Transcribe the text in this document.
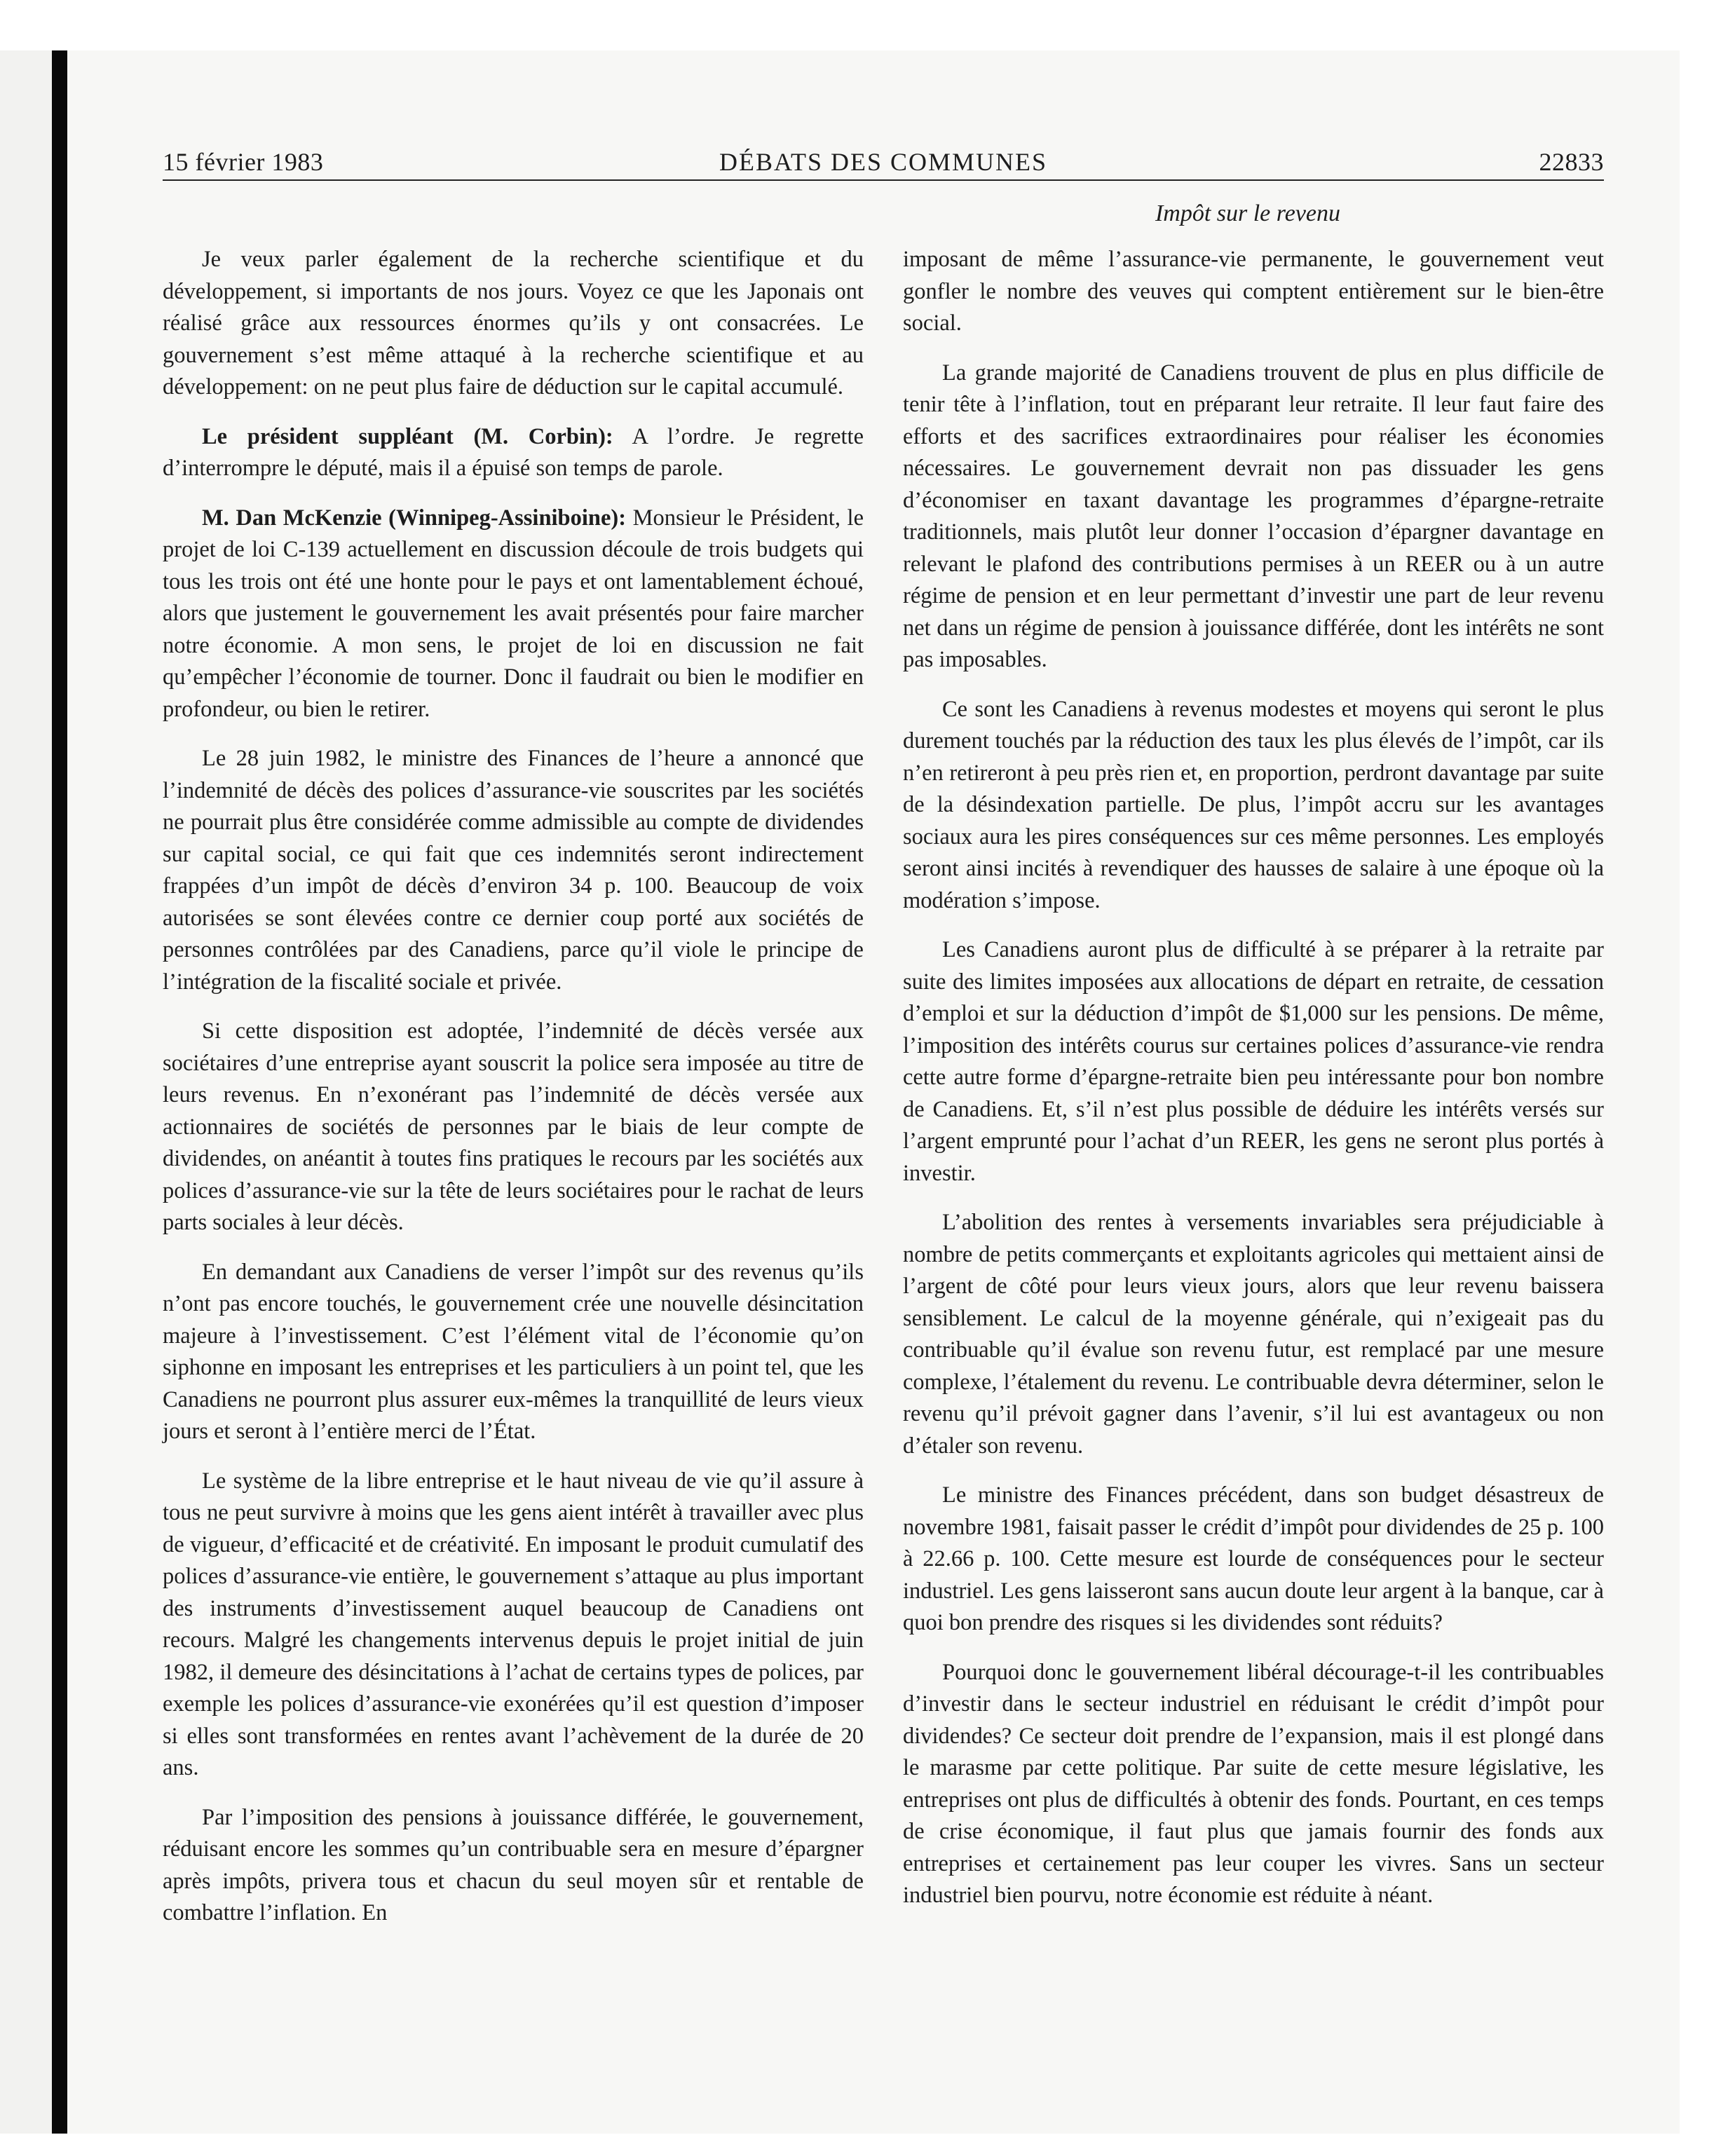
15 février 1983	DÉBATS DES COMMUNES	22833
Impôt sur le revenu

Je veux parler également de la recherche scientifique et du développement, si importants de nos jours. Voyez ce que les Japonais ont réalisé grâce aux ressources énormes qu’ils y ont consacrées. Le gouvernement s’est même attaqué à la recherche scientifique et au développement: on ne peut plus faire de déduction sur le capital accumulé.

Le président suppléant (M. Corbin): A l’ordre. Je regrette d’interrompre le député, mais il a épuisé son temps de parole.

M. Dan McKenzie (Winnipeg-Assiniboine): Monsieur le Président, le projet de loi C-139 actuellement en discussion découle de trois budgets qui tous les trois ont été une honte pour le pays et ont lamentablement échoué, alors que justement le gouvernement les avait présentés pour faire marcher notre économie. A mon sens, le projet de loi en discussion ne fait qu’empêcher l’économie de tourner. Donc il faudrait ou bien le modifier en profondeur, ou bien le retirer.

Le 28 juin 1982, le ministre des Finances de l’heure a annoncé que l’indemnité de décès des polices d’assurance-vie souscrites par les sociétés ne pourrait plus être considérée comme admissible au compte de dividendes sur capital social, ce qui fait que ces indemnités seront indirectement frappées d’un impôt de décès d’environ 34 p. 100. Beaucoup de voix autorisées se sont élevées contre ce dernier coup porté aux sociétés de personnes contrôlées par des Canadiens, parce qu’il viole le principe de l’intégration de la fiscalité sociale et privée.

Si cette disposition est adoptée, l’indemnité de décès versée aux sociétaires d’une entreprise ayant souscrit la police sera imposée au titre de leurs revenus. En n’exonérant pas l’indemnité de décès versée aux actionnaires de sociétés de personnes par le biais de leur compte de dividendes, on anéantit à toutes fins pratiques le recours par les sociétés aux polices d’assurance-vie sur la tête de leurs sociétaires pour le rachat de leurs parts sociales à leur décès.

En demandant aux Canadiens de verser l’impôt sur des revenus qu’ils n’ont pas encore touchés, le gouvernement crée une nouvelle désincitation majeure à l’investissement. C’est l’élément vital de l’économie qu’on siphonne en imposant les entreprises et les particuliers à un point tel, que les Canadiens ne pourront plus assurer eux-mêmes la tranquillité de leurs vieux jours et seront à l’entière merci de l’État.

Le système de la libre entreprise et le haut niveau de vie qu’il assure à tous ne peut survivre à moins que les gens aient intérêt à travailler avec plus de vigueur, d’efficacité et de créativité. En imposant le produit cumulatif des polices d’assurance-vie entière, le gouvernement s’attaque au plus important des instruments d’investissement auquel beaucoup de Canadiens ont recours. Malgré les changements intervenus depuis le projet initial de juin 1982, il demeure des désincitations à l’achat de certains types de polices, par exemple les polices d’assurance-vie exonérées qu’il est question d’imposer si elles sont transformées en rentes avant l’achèvement de la durée de 20 ans.

Par l’imposition des pensions à jouissance différée, le gouvernement, réduisant encore les sommes qu’un contribuable sera en mesure d’épargner après impôts, privera tous et chacun du seul moyen sûr et rentable de combattre l’inflation. En

imposant de même l’assurance-vie permanente, le gouvernement veut gonfler le nombre des veuves qui comptent entièrement sur le bien-être social.

La grande majorité de Canadiens trouvent de plus en plus difficile de tenir tête à l’inflation, tout en préparant leur retraite. Il leur faut faire des efforts et des sacrifices extraordinaires pour réaliser les économies nécessaires. Le gouvernement devrait non pas dissuader les gens d’économiser en taxant davantage les programmes d’épargne-retraite traditionnels, mais plutôt leur donner l’occasion d’épargner davantage en relevant le plafond des contributions permises à un REER ou à un autre régime de pension et en leur permettant d’investir une part de leur revenu net dans un régime de pension à jouissance différée, dont les intérêts ne sont pas imposables.

Ce sont les Canadiens à revenus modestes et moyens qui seront le plus durement touchés par la réduction des taux les plus élevés de l’impôt, car ils n’en retireront à peu près rien et, en proportion, perdront davantage par suite de la désindexation partielle. De plus, l’impôt accru sur les avantages sociaux aura les pires conséquences sur ces même personnes. Les employés seront ainsi incités à revendiquer des hausses de salaire à une époque où la modération s’impose.

Les Canadiens auront plus de difficulté à se préparer à la retraite par suite des limites imposées aux allocations de départ en retraite, de cessation d’emploi et sur la déduction d’impôt de $1,000 sur les pensions. De même, l’imposition des intérêts courus sur certaines polices d’assurance-vie rendra cette autre forme d’épargne-retraite bien peu intéressante pour bon nombre de Canadiens. Et, s’il n’est plus possible de déduire les intérêts versés sur l’argent emprunté pour l’achat d’un REER, les gens ne seront plus portés à investir.

L’abolition des rentes à versements invariables sera préjudiciable à nombre de petits commerçants et exploitants agricoles qui mettaient ainsi de l’argent de côté pour leurs vieux jours, alors que leur revenu baissera sensiblement. Le calcul de la moyenne générale, qui n’exigeait pas du contribuable qu’il évalue son revenu futur, est remplacé par une mesure complexe, l’étalement du revenu. Le contribuable devra déterminer, selon le revenu qu’il prévoit gagner dans l’avenir, s’il lui est avantageux ou non d’étaler son revenu.

Le ministre des Finances précédent, dans son budget désastreux de novembre 1981, faisait passer le crédit d’impôt pour dividendes de 25 p. 100 à 22.66 p. 100. Cette mesure est lourde de conséquences pour le secteur industriel. Les gens laisseront sans aucun doute leur argent à la banque, car à quoi bon prendre des risques si les dividendes sont réduits?

Pourquoi donc le gouvernement libéral décourage-t-il les contribuables d’investir dans le secteur industriel en réduisant le crédit d’impôt pour dividendes? Ce secteur doit prendre de l’expansion, mais il est plongé dans le marasme par cette politique. Par suite de cette mesure législative, les entreprises ont plus de difficultés à obtenir des fonds. Pourtant, en ces temps de crise économique, il faut plus que jamais fournir des fonds aux entreprises et certainement pas leur couper les vivres. Sans un secteur industriel bien pourvu, notre économie est réduite à néant.
